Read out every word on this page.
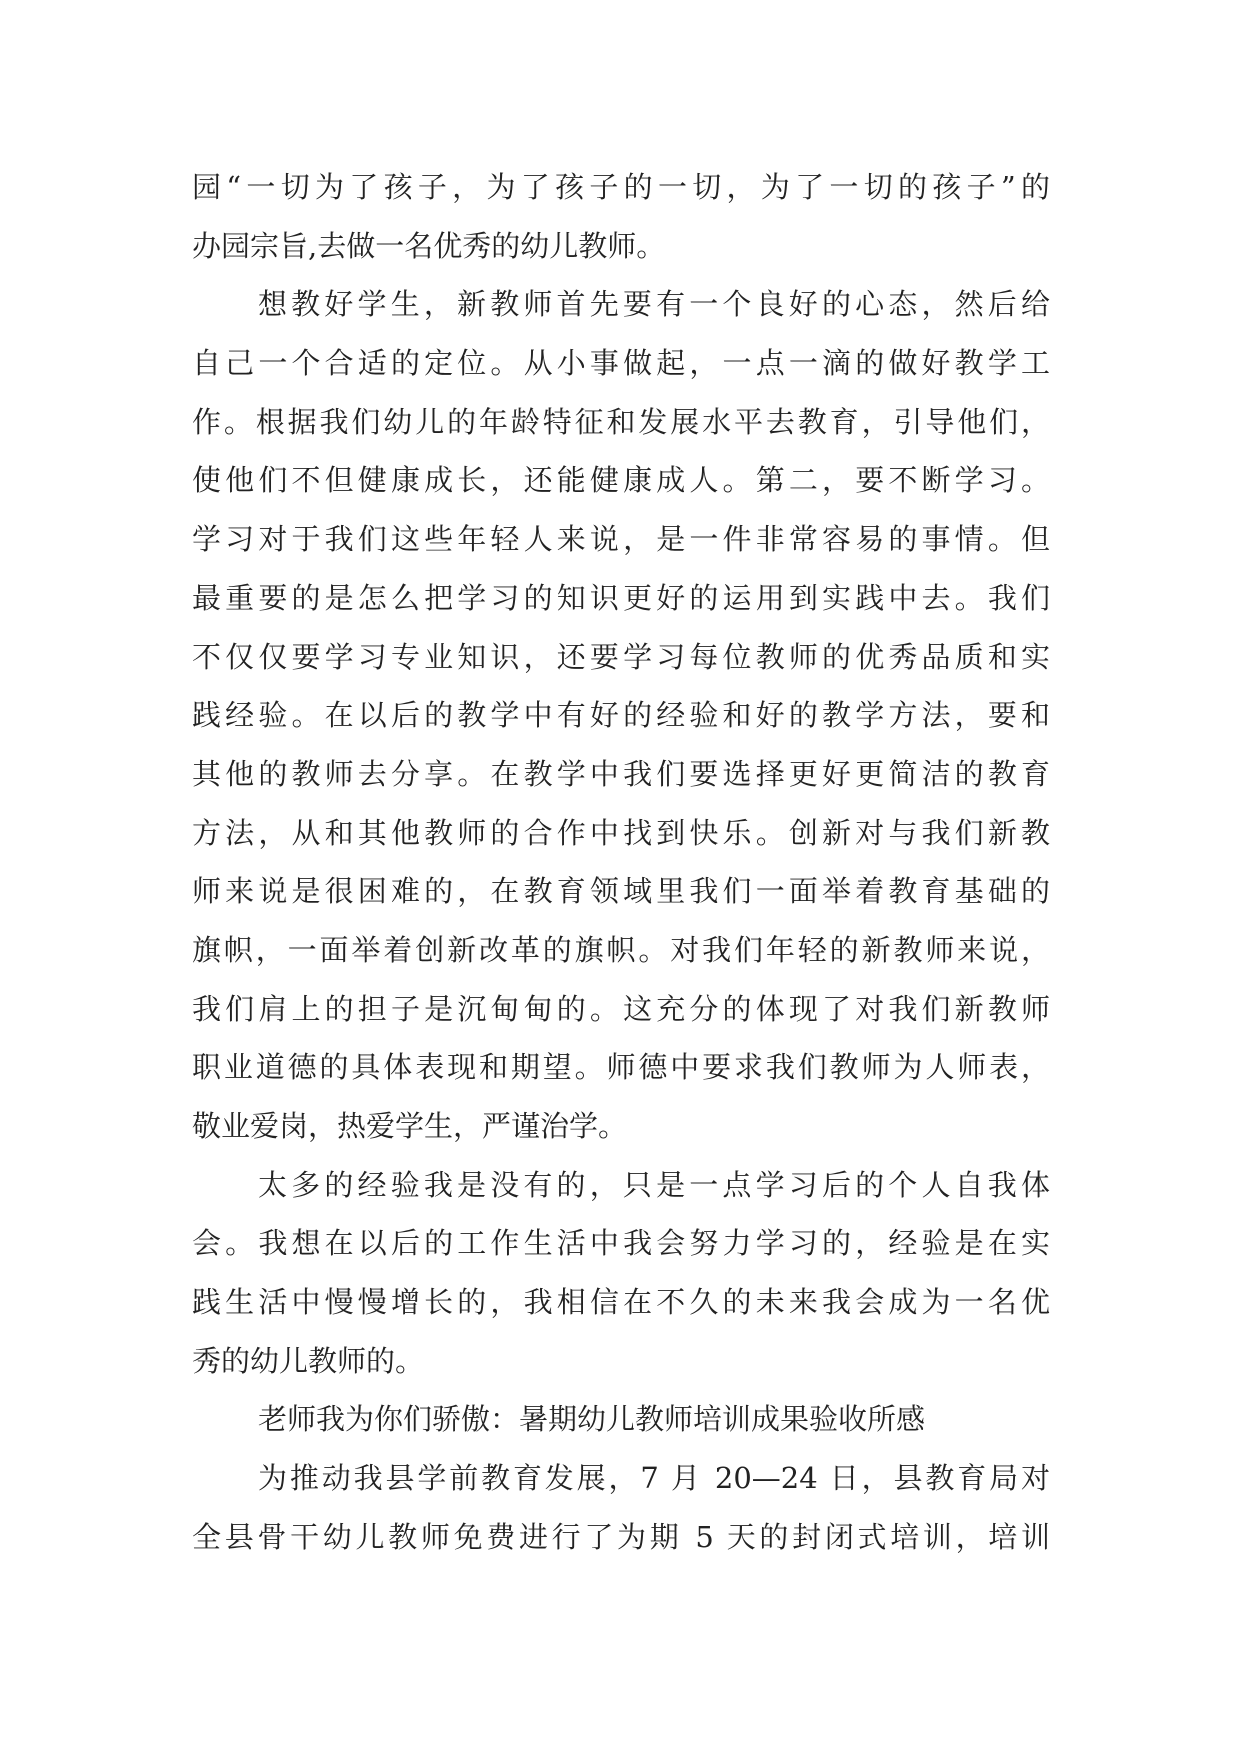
园“一切为了孩子，为了孩子的一切，为了一切的孩子”的
办园宗旨,去做一名优秀的幼儿教师。
想教好学生，新教师首先要有一个良好的心态，然后给
自己一个合适的定位。从小事做起，一点一滴的做好教学工
作。根据我们幼儿的年龄特征和发展水平去教育，引导他们，
使他们不但健康成长，还能健康成人。第二，要不断学习。
学习对于我们这些年轻人来说，是一件非常容易的事情。但
最重要的是怎么把学习的知识更好的运用到实践中去。我们
不仅仅要学习专业知识，还要学习每位教师的优秀品质和实
践经验。在以后的教学中有好的经验和好的教学方法，要和
其他的教师去分享。在教学中我们要选择更好更简洁的教育
方法，从和其他教师的合作中找到快乐。创新对与我们新教
师来说是很困难的，在教育领域里我们一面举着教育基础的
旗帜，一面举着创新改革的旗帜。对我们年轻的新教师来说，
我们肩上的担子是沉甸甸的。这充分的体现了对我们新教师
职业道德的具体表现和期望。师德中要求我们教师为人师表，
敬业爱岗，热爱学生，严谨治学。
太多的经验我是没有的，只是一点学习后的个人自我体
会。我想在以后的工作生活中我会努力学习的，经验是在实
践生活中慢慢增长的，我相信在不久的未来我会成为一名优
秀的幼儿教师的。
老师我为你们骄傲：暑期幼儿教师培训成果验收所感
为推动我县学前教育发展，7 月 20—24 日，县教育局对
全县骨干幼儿教师免费进行了为期 5 天的封闭式培训，培训
